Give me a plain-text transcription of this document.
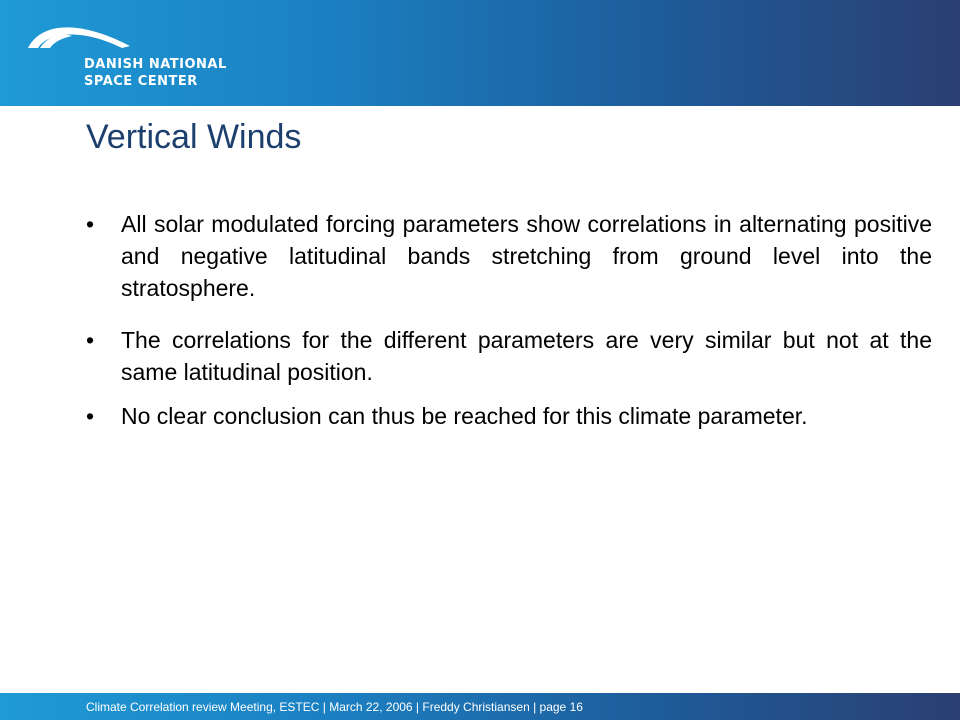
DANISH NATIONAL
SPACE CENTER
Vertical Winds
• All solar modulated forcing parameters show correlations in alternating positive and negative latitudinal bands stretching from ground level into the stratosphere.
• The correlations for the different parameters are very similar but not at the same latitudinal position.
• No clear conclusion can thus be reached for this climate parameter.
Climate Correlation review Meeting, ESTEC | March 22, 2006 | Freddy Christiansen | page 16
